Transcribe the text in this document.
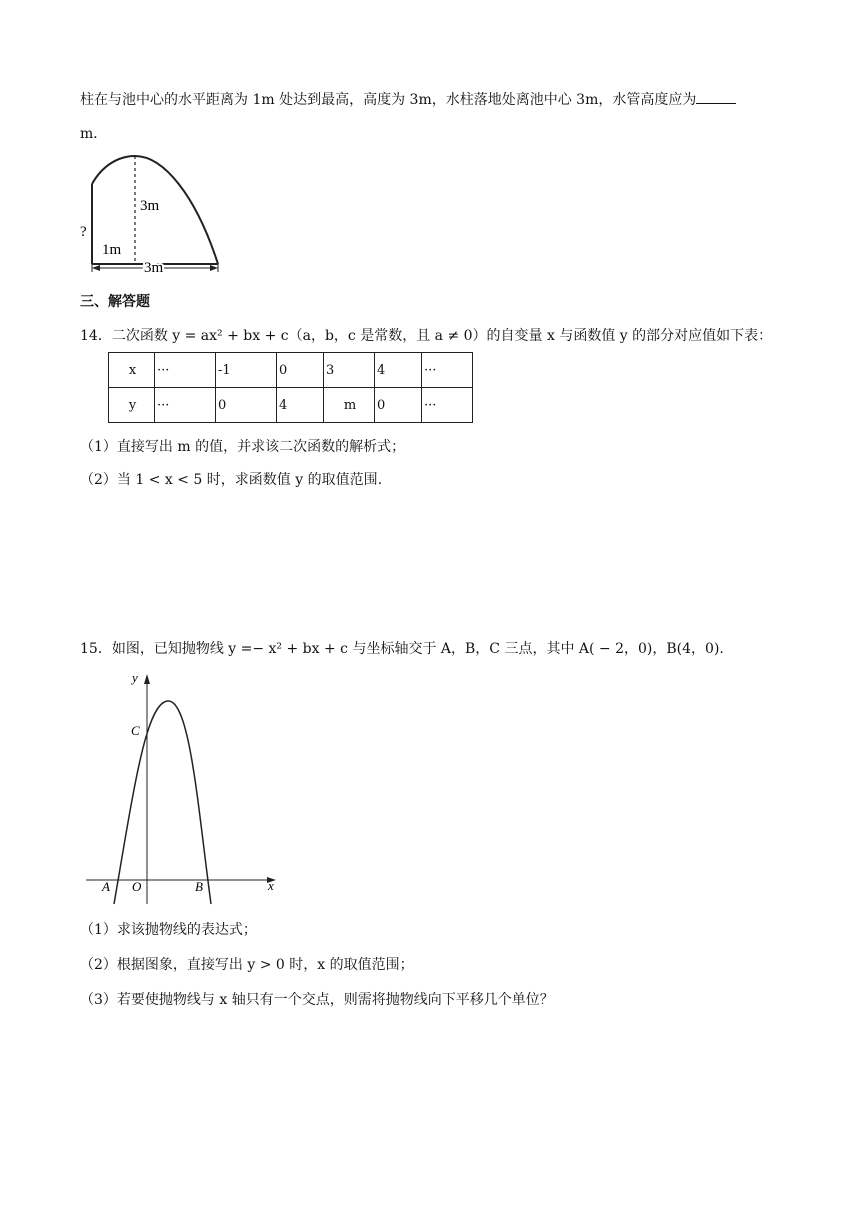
柱在与池中心的水平距离为 1m 处达到最高，高度为 3m，水柱落地处离池中心 3m，水管高度应为
m．
3m
1m
3m
?
三、解答题
14．二次函数 y = ax² + bx + c（a，b，c 是常数，且 a ≠ 0）的自变量 x 与函数值 y 的部分对应值如下表：
x	···	-1	0	3	4	···
y	···	0	4	m	0	···
（1）直接写出 m 的值，并求该二次函数的解析式；
（2）当 1 < x < 5 时，求函数值 y 的取值范围.
15．如图，已知抛物线 y =− x² + bx + c 与坐标轴交于 A，B，C 三点，其中 A( − 2，0)，B(4，0).
y
x
O
A	B
C
（1）求该抛物线的表达式；
（2）根据图象，直接写出 y > 0 时，x 的取值范围；
（3）若要使抛物线与 x 轴只有一个交点，则需将抛物线向下平移几个单位？
